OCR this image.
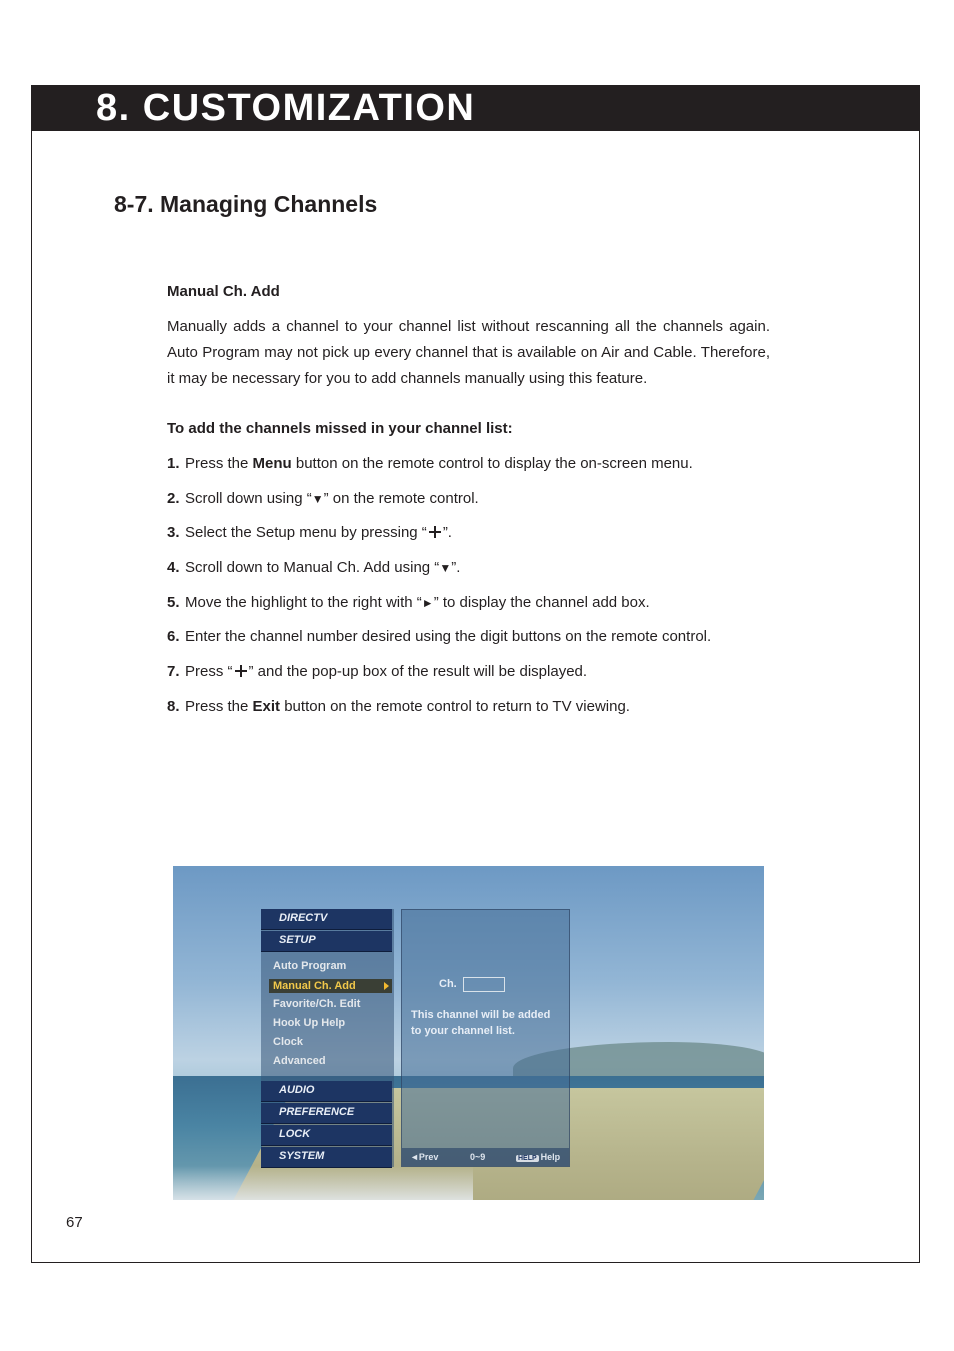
8. CUSTOMIZATION
8-7. Managing Channels
Manual Ch. Add

Manually adds a channel to your channel list without rescanning all the channels again. Auto Program may not pick up every channel that is available on Air and Cable. Therefore, it may be necessary for you to add channels manually using this feature.

To add the channels missed in your channel list:

1. Press the Menu button on the remote control to display the on-screen menu.
2. Scroll down using “▼” on the remote control.
3. Select the Setup menu by pressing “ ”.
4. Scroll down to Manual Ch. Add using “▼”.
5. Move the highlight to the right with “►” to display the channel add box.
6. Enter the channel number desired using the digit buttons on the remote control.
7. Press “ ” and the pop-up box of the result will be displayed.
8. Press the Exit button on the remote control to return to TV viewing.
DIRECTV
SETUP
Auto Program
Manual Ch. Add
Favorite/Ch. Edit
Hook Up Help
Clock
Advanced
AUDIO
PREFERENCE
LOCK
SYSTEM
Ch.
This channel will be added
to your channel list.
◄Prev	0~9	HELP Help

67
